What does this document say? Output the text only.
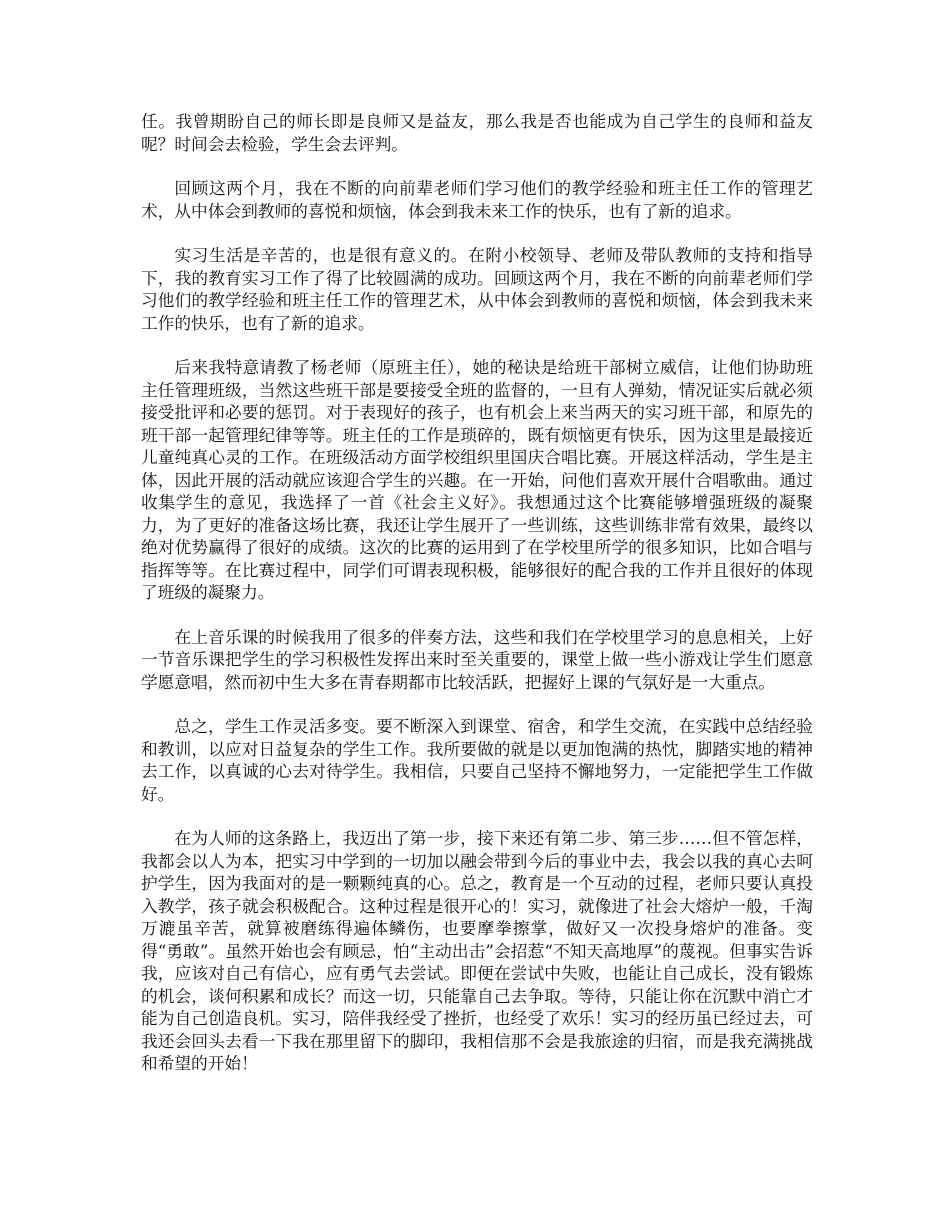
任。我曾期盼自己的师长即是良师又是益友，那么我是否也能成为自己学生的良师和益友呢？时间会去检验，学生会去评判。

回顾这两个月，我在不断的向前辈老师们学习他们的教学经验和班主任工作的管理艺术，从中体会到教师的喜悦和烦恼，体会到我未来工作的快乐，也有了新的追求。

实习生活是辛苦的，也是很有意义的。在附小校领导、老师及带队教师的支持和指导下，我的教育实习工作了得了比较圆满的成功。回顾这两个月，我在不断的向前辈老师们学习他们的教学经验和班主任工作的管理艺术，从中体会到教师的喜悦和烦恼，体会到我未来工作的快乐，也有了新的追求。

后来我特意请教了杨老师（原班主任），她的秘诀是给班干部树立威信，让他们协助班主任管理班级，当然这些班干部是要接受全班的监督的，一旦有人弹劾，情况证实后就必须接受批评和必要的惩罚。对于表现好的孩子，也有机会上来当两天的实习班干部，和原先的班干部一起管理纪律等等。班主任的工作是琐碎的，既有烦恼更有快乐，因为这里是最接近儿童纯真心灵的工作。在班级活动方面学校组织里国庆合唱比赛。开展这样活动，学生是主体，因此开展的活动就应该迎合学生的兴趣。在一开始，问他们喜欢开展什合唱歌曲。通过收集学生的意见，我选择了一首《社会主义好》。我想通过这个比赛能够增强班级的凝聚力，为了更好的准备这场比赛，我还让学生展开了一些训练，这些训练非常有效果，最终以绝对优势赢得了很好的成绩。这次的比赛的运用到了在学校里所学的很多知识，比如合唱与指挥等等。在比赛过程中，同学们可谓表现积极，能够很好的配合我的工作并且很好的体现了班级的凝聚力。

在上音乐课的时候我用了很多的伴奏方法，这些和我们在学校里学习的息息相关，上好一节音乐课把学生的学习积极性发挥出来时至关重要的，课堂上做一些小游戏让学生们愿意学愿意唱，然而初中生大多在青春期都市比较活跃，把握好上课的气氛好是一大重点。

总之，学生工作灵活多变。要不断深入到课堂、宿舍，和学生交流，在实践中总结经验和教训，以应对日益复杂的学生工作。我所要做的就是以更加饱满的热忱，脚踏实地的精神去工作，以真诚的心去对待学生。我相信，只要自己坚持不懈地努力，一定能把学生工作做好。

在为人师的这条路上，我迈出了第一步，接下来还有第二步、第三步……但不管怎样，我都会以人为本，把实习中学到的一切加以融会带到今后的事业中去，我会以我的真心去呵护学生，因为我面对的是一颗颗纯真的心。总之，教育是一个互动的过程，老师只要认真投入教学，孩子就会积极配合。这种过程是很开心的！实习，就像进了社会大熔炉一般，千淘万漉虽辛苦，就算被磨练得遍体鳞伤，也要摩拳擦掌，做好又一次投身熔炉的准备。变得“勇敢”。虽然开始也会有顾忌，怕“主动出击”会招惹“不知天高地厚”的蔑视。但事实告诉我，应该对自己有信心，应有勇气去尝试。即便在尝试中失败，也能让自己成长，没有锻炼的机会，谈何积累和成长？而这一切，只能靠自己去争取。等待，只能让你在沉默中消亡才能为自己创造良机。实习，陪伴我经受了挫折，也经受了欢乐！实习的经历虽已经过去，可我还会回头去看一下我在那里留下的脚印，我相信那不会是我旅途的归宿，而是我充满挑战和希望的开始！
